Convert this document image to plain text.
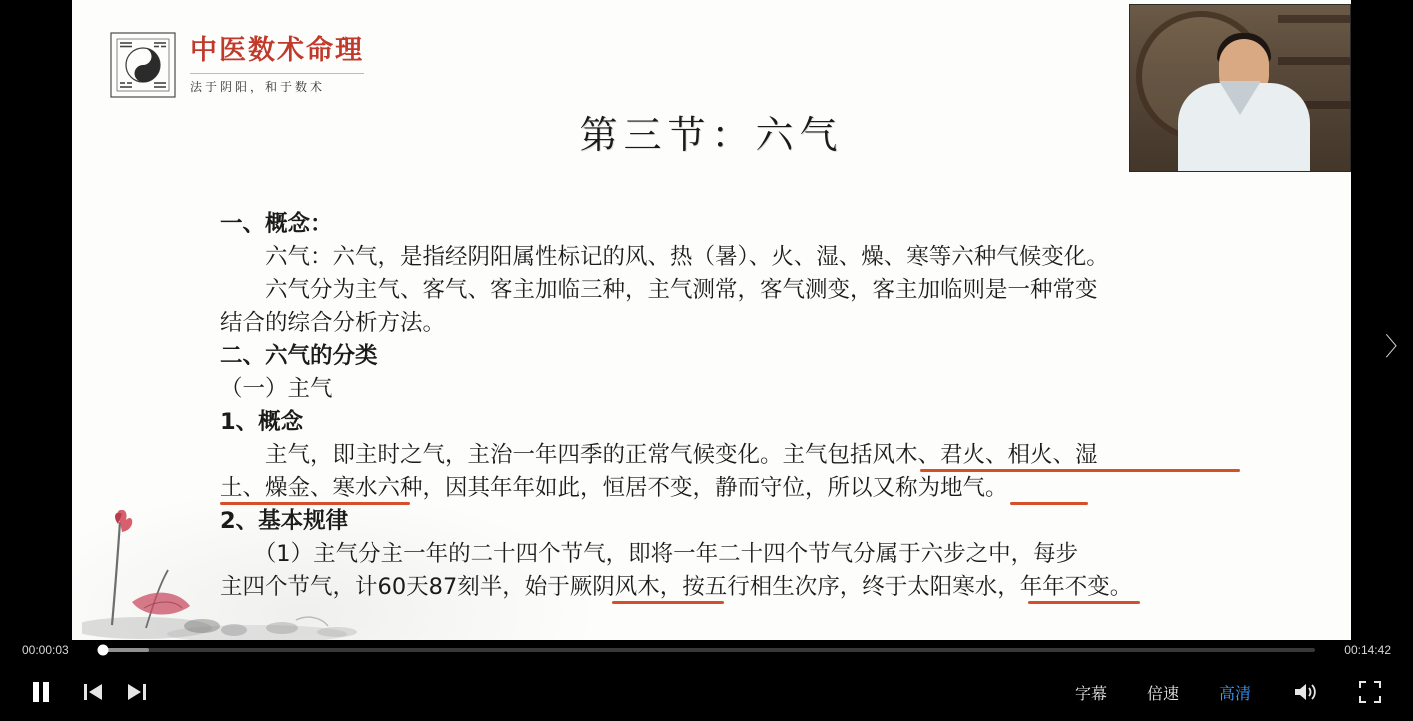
中医数术命理
法于阴阳，和于数术
第三节：六气
一、概念：
　　六气：六气，是指经阴阳属性标记的风、热（暑）、火、湿、燥、寒等六种气候变化。
　　六气分为主气、客气、客主加临三种，主气测常，客气测变，客主加临则是一种常变
结合的综合分析方法。
二、六气的分类
（一）主气
1、概念
　　主气，即主时之气，主治一年四季的正常气候变化。主气包括风木、君火、相火、湿
土、燥金、寒水六种，因其年年如此，恒居不变，静而守位，所以又称为地气。
2、基本规律
　　（1）主气分主一年的二十四个节气，即将一年二十四个节气分属于六步之中，每步
主四个节气，计60天87刻半，始于厥阴风木，按五行相生次序，终于太阳寒水，年年不变。
〉
00:00:03	00:14:42
字幕	倍速	高清
